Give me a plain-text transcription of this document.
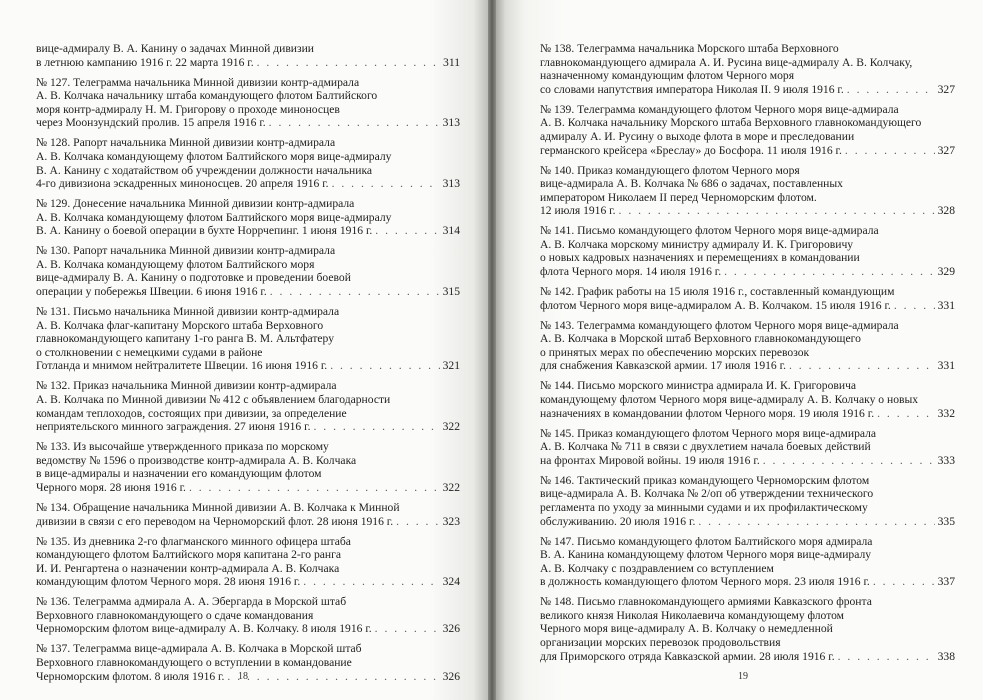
вице-адмиралу В. А. Канину о задачах Минной дивизии
в летнюю кампанию 1916 г. 22 марта 1916 г. . . .	311
№ 127. Телеграмма начальника Минной дивизии контр-адмирала
А. В. Колчака начальнику штаба командующего флотом Балтийского
моря контр-адмиралу Н. М. Григорову о проходе миноносцев
через Моонзундский пролив. 15 апреля 1916 г. . . .	313
№ 128. Рапорт начальника Минной дивизии контр-адмирала
А. В. Колчака командующему флотом Балтийского моря вице-адмиралу
В. А. Канину с ходатайством об учреждении должности начальника
4-го дивизиона эскадренных миноносцев. 20 апреля 1916 г. . . .	313
№ 129. Донесение начальника Минной дивизии контр-адмирала
А. В. Колчака командующему флотом Балтийского моря вице-адмиралу
В. А. Канину о боевой операции в бухте Норрчепинг. 1 июня 1916 г. . . .	314
№ 130. Рапорт начальника Минной дивизии контр-адмирала
А. В. Колчака командующему флотом Балтийского моря
вице-адмиралу В. А. Канину о подготовке и проведении боевой
операции у побережья Швеции. 6 июня 1916 г. . . .	315
№ 131. Письмо начальника Минной дивизии контр-адмирала
А. В. Колчака флаг-капитану Морского штаба Верховного
главнокомандующего капитану 1-го ранга В. М. Альтфатеру
о столкновении с немецкими судами в районе
Готланда и мнимом нейтралитете Швеции. 16 июня 1916 г. . . .	321
№ 132. Приказ начальника Минной дивизии контр-адмирала
А. В. Колчака по Минной дивизии № 412 с объявлением благодарности
командам теплоходов, состоящих при дивизии, за определение
неприятельского минного заграждения. 27 июня 1916 г. . . .	322
№ 133. Из высочайше утвержденного приказа по морскому
ведомству № 1596 о производстве контр-адмирала А. В. Колчака
в вице-адмиралы и назначении его командующим флотом
Черного моря. 28 июня 1916 г. . . .	322
№ 134. Обращение начальника Минной дивизии А. В. Колчака к Минной
дивизии в связи с его переводом на Черноморский флот. 28 июня 1916 г. . . .	323
№ 135. Из дневника 2-го флагманского минного офицера штаба
командующего флотом Балтийского моря капитана 2-го ранга
И. И. Ренгартена о назначении контр-адмирала А. В. Колчака
командующим флотом Черного моря. 28 июня 1916 г. . . .	324
№ 136. Телеграмма адмирала А. А. Эбергарда в Морской штаб
Верховного главнокомандующего о сдаче командования
Черноморским флотом вице-адмиралу А. В. Колчаку. 8 июля 1916 г. . . .	326
№ 137. Телеграмма вице-адмирала А. В. Колчака в Морской штаб
Верховного главнокомандующего о вступлении в командование
Черноморским флотом. 8 июля 1916 г. . . .	326
18
№ 138. Телеграмма начальника Морского штаба Верховного
главнокомандующего адмирала А. И. Русина вице-адмиралу А. В. Колчаку,
назначенному командующим флотом Черного моря
со словами напутствия императора Николая II. 9 июля 1916 г. . . .	327
№ 139. Телеграмма командующего флотом Черного моря вице-адмирала
А. В. Колчака начальнику Морского штаба Верховного главнокомандующего
адмиралу А. И. Русину о выходе флота в море и преследовании
германского крейсера «Бреслау» до Босфора. 11 июля 1916 г. . . .	327
№ 140. Приказ командующего флотом Черного моря
вице-адмирала А. В. Колчака № 686 о задачах, поставленных
императором Николаем II перед Черноморским флотом.
12 июля 1916 г. . . .	328
№ 141. Письмо командующего флотом Черного моря вице-адмирала
А. В. Колчака морскому министру адмиралу И. К. Григоровичу
о новых кадровых назначениях и перемещениях в командовании
флота Черного моря. 14 июля 1916 г. . . .	329
№ 142. График работы на 15 июля 1916 г., составленный командующим
флотом Черного моря вице-адмиралом А. В. Колчаком. 15 июля 1916 г. . . .	331
№ 143. Телеграмма командующего флотом Черного моря вице-адмирала
А. В. Колчака в Морской штаб Верховного главнокомандующего
о принятых мерах по обеспечению морских перевозок
для снабжения Кавказской армии. 17 июля 1916 г. . . .	331
№ 144. Письмо морского министра адмирала И. К. Григоровича
командующему флотом Черного моря вице-адмиралу А. В. Колчаку о новых
назначениях в командовании флотом Черного моря. 19 июля 1916 г. . . .	332
№ 145. Приказ командующего флотом Черного моря вице-адмирала
А. В. Колчака № 711 в связи с двухлетием начала боевых действий
на фронтах Мировой войны. 19 июля 1916 г. . . .	333
№ 146. Тактический приказ командующего Черноморским флотом
вице-адмирала А. В. Колчака № 2/оп об утверждении технического
регламента по уходу за минными судами и их профилактическому
обслуживанию. 20 июля 1916 г. . . .	335
№ 147. Письмо командующего флотом Балтийского моря адмирала
В. А. Канина командующему флотом Черного моря вице-адмиралу
А. В. Колчаку с поздравлением со вступлением
в должность командующего флотом Черного моря. 23 июля 1916 г. . . .	337
№ 148. Письмо главнокомандующего армиями Кавказского фронта
великого князя Николая Николаевича командующему флотом
Черного моря вице-адмиралу А. В. Колчаку о немедленной
организации морских перевозок продовольствия
для Приморского отряда Кавказской армии. 28 июля 1916 г. . . .	338
19
